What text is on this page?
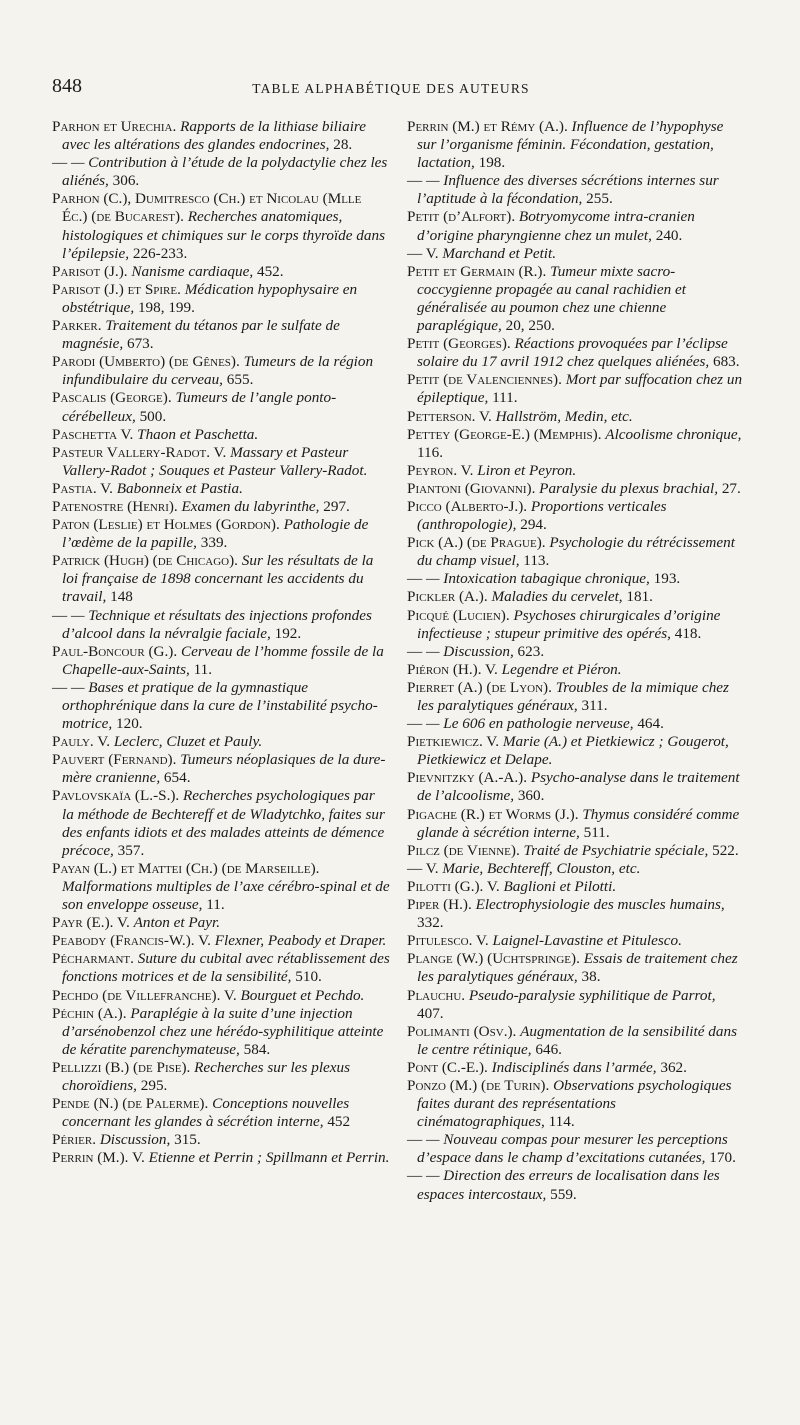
848	TABLE ALPHABÉTIQUE DES AUTEURS

Parhon et Urechia. Rapports de la lithiase biliaire avec les altérations des glandes endocrines, 28.

— — Contribution à l’étude de la polydactylie chez les aliénés, 306.

Parhon (C.), Dumitresco (Ch.) et Nicolau (Mlle Éc.) (de Bucarest). Recherches anatomiques, histologiques et chimiques sur le corps thyroïde dans l’épilepsie, 226-233.

Parisot (J.). Nanisme cardiaque, 452.

Parisot (J.) et Spire. Médication hypophysaire en obstétrique, 198, 199.

Parker. Traitement du tétanos par le sulfate de magnésie, 673.

Parodi (Umberto) (de Gênes). Tumeurs de la région infundibulaire du cerveau, 655.

Pascalis (George). Tumeurs de l’angle ponto-cérébelleux, 500.

Paschetta V. Thaon et Paschetta.

Pasteur Vallery-Radot. V. Massary et Pasteur Vallery-Radot ; Souques et Pasteur Vallery-Radot.

Pastia. V. Babonneix et Pastia.

Patenostre (Henri). Examen du labyrinthe, 297.

Paton (Leslie) et Holmes (Gordon). Pathologie de l’œdème de la papille, 339.

Patrick (Hugh) (de Chicago). Sur les résultats de la loi française de 1898 concernant les accidents du travail, 148

— — Technique et résultats des injections profondes d’alcool dans la névralgie faciale, 192.

Paul-Boncour (G.). Cerveau de l’homme fossile de la Chapelle-aux-Saints, 11.

— — Bases et pratique de la gymnastique orthophrénique dans la cure de l’instabilité psycho-motrice, 120.

Pauly. V. Leclerc, Cluzet et Pauly.

Pauvert (Fernand). Tumeurs néoplasiques de la dure-mère cranienne, 654.

Pavlovskaïa (L.-S.). Recherches psychologiques par la méthode de Bechtereff et de Wladytchko, faites sur des enfants idiots et des malades atteints de démence précoce, 357.

Payan (L.) et Mattei (Ch.) (de Marseille). Malformations multiples de l’axe cérébro-spinal et de son enveloppe osseuse, 11.

Payr (E.). V. Anton et Payr.

Peabody (Francis-W.). V. Flexner, Peabody et Draper.

Pécharmant. Suture du cubital avec rétablissement des fonctions motrices et de la sensibilité, 510.

Pechdo (de Villefranche). V. Bourguet et Pechdo.

Péchin (A.). Paraplégie à la suite d’une injection d’arsénobenzol chez une hérédo-syphilitique atteinte de kératite parenchymateuse, 584.

Pellizzi (B.) (de Pise). Recherches sur les plexus choroïdiens, 295.

Pende (N.) (de Palerme). Conceptions nouvelles concernant les glandes à sécrétion interne, 452

Périer. Discussion, 315.

Perrin (M.). V. Etienne et Perrin ; Spillmann et Perrin.

Perrin (M.) et Rémy (A.). Influence de l’hypophyse sur l’organisme féminin. Fécondation, gestation, lactation, 198.

— — Influence des diverses sécrétions internes sur l’aptitude à la fécondation, 255.

Petit (d’Alfort). Botryomycome intra-cranien d’origine pharyngienne chez un mulet, 240.

— V. Marchand et Petit.

Petit et Germain (R.). Tumeur mixte sacro-coccygienne propagée au canal rachidien et généralisée au poumon chez une chienne paraplégique, 20, 250.

Petit (Georges). Réactions provoquées par l’éclipse solaire du 17 avril 1912 chez quelques aliénées, 683.

Petit (de Valenciennes). Mort par suffocation chez un épileptique, 111.

Petterson. V. Hallström, Medin, etc.

Pettey (George-E.) (Memphis). Alcoolisme chronique, 116.

Peyron. V. Liron et Peyron.

Piantoni (Giovanni). Paralysie du plexus brachial, 27.

Picco (Alberto-J.). Proportions verticales (anthropologie), 294.

Pick (A.) (de Prague). Psychologie du rétrécissement du champ visuel, 113.

— — Intoxication tabagique chronique, 193.

Pickler (A.). Maladies du cervelet, 181.

Picqué (Lucien). Psychoses chirurgicales d’origine infectieuse ; stupeur primitive des opérés, 418.

— — Discussion, 623.

Piéron (H.). V. Legendre et Piéron.

Pierret (A.) (de Lyon). Troubles de la mimique chez les paralytiques généraux, 311.

— — Le 606 en pathologie nerveuse, 464.

Pietkiewicz. V. Marie (A.) et Pietkiewicz ; Gougerot, Pietkiewicz et Delape.

Pievnitzky (A.-A.). Psycho-analyse dans le traitement de l’alcoolisme, 360.

Pigache (R.) et Worms (J.). Thymus considéré comme glande à sécrétion interne, 511.

Pilcz (de Vienne). Traité de Psychiatrie spéciale, 522.

— V. Marie, Bechtereff, Clouston, etc.

Pilotti (G.). V. Baglioni et Pilotti.

Piper (H.). Electrophysiologie des muscles humains, 332.

Pitulesco. V. Laignel-Lavastine et Pitulesco.

Plange (W.) (Uchtspringe). Essais de traitement chez les paralytiques généraux, 38.

Plauchu. Pseudo-paralysie syphilitique de Parrot, 407.

Polimanti (Osv.). Augmentation de la sensibilité dans le centre rétinique, 646.

Pont (C.-E.). Indisciplinés dans l’armée, 362.

Ponzo (M.) (de Turin). Observations psychologiques faites durant des représentations cinématographiques, 114.

— — Nouveau compas pour mesurer les perceptions d’espace dans le champ d’excitations cutanées, 170.

— — Direction des erreurs de localisation dans les espaces intercostaux, 559.
